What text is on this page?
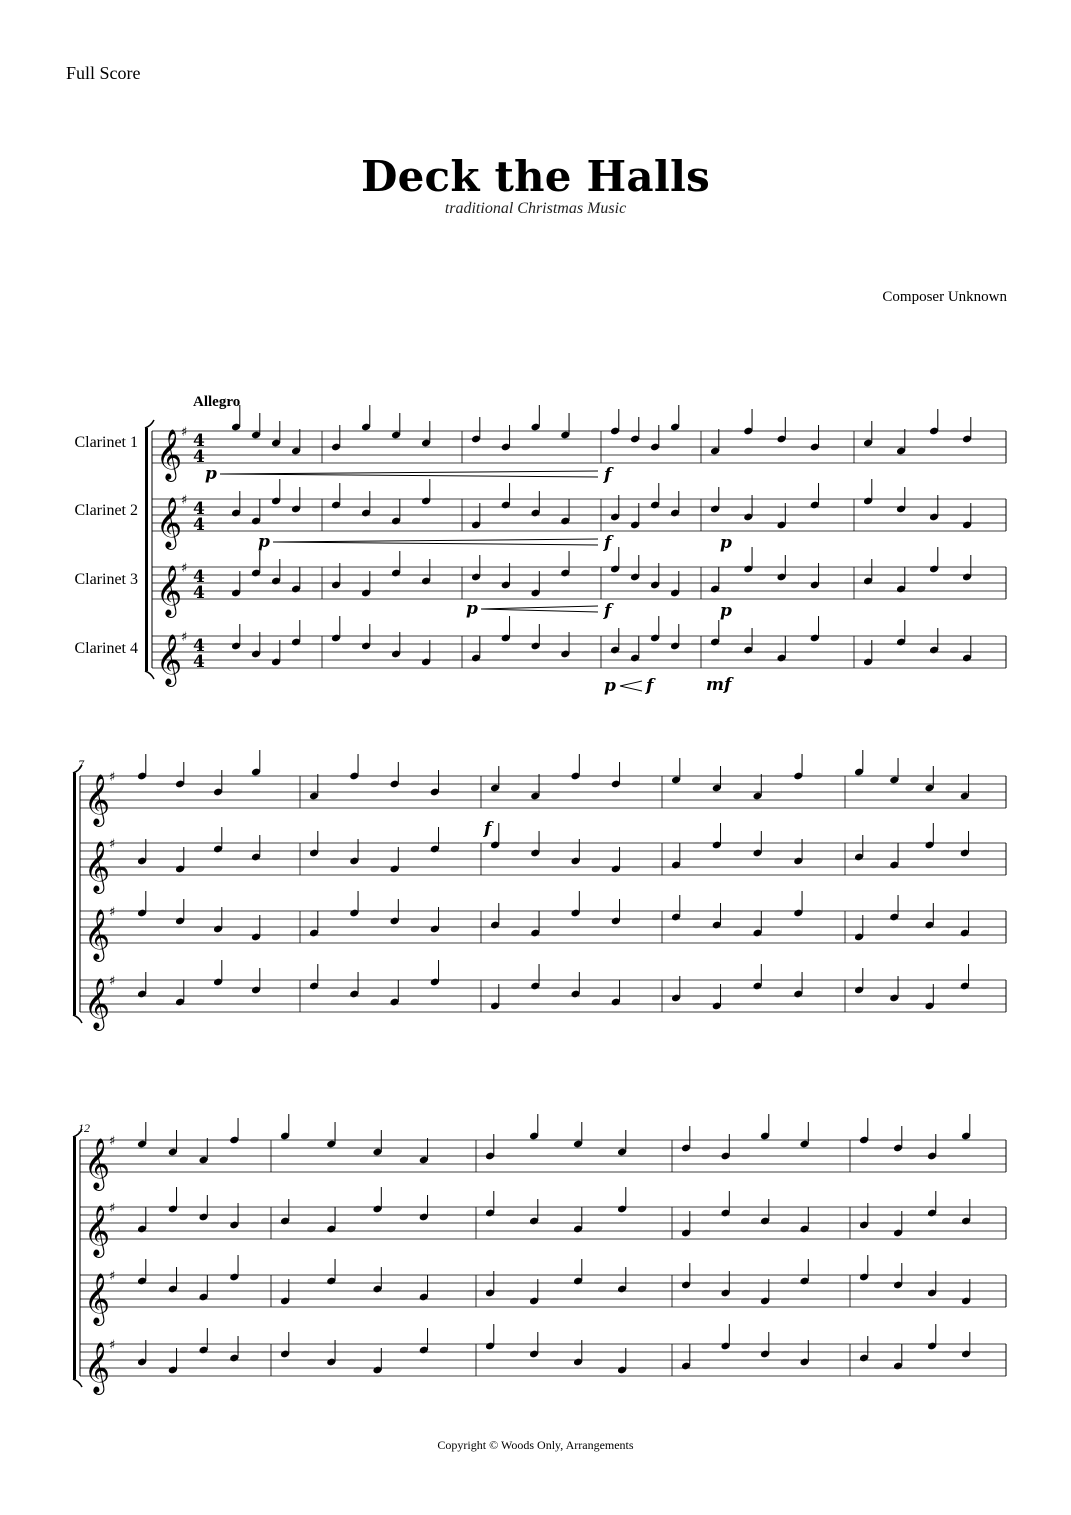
Full Score
Deck the Halls
traditional Christmas Music
Composer Unknown
Allegro
Clarinet 1
Clarinet 2
Clarinet 3
Clarinet 4
𝄞
♯ 4
4
𝄞
♯ 4
4
𝄞
♯ 4
4
𝄞
♯ 4
4
7
𝄞
♯
𝄞
♯
𝄞
♯
𝄞
♯
12
𝄞
♯
𝄞
♯
𝄞
♯
𝄞
♯
p	f
p	f	p
p	f	p
p f	mf
f
Copyright © Woods Only, Arrangements
